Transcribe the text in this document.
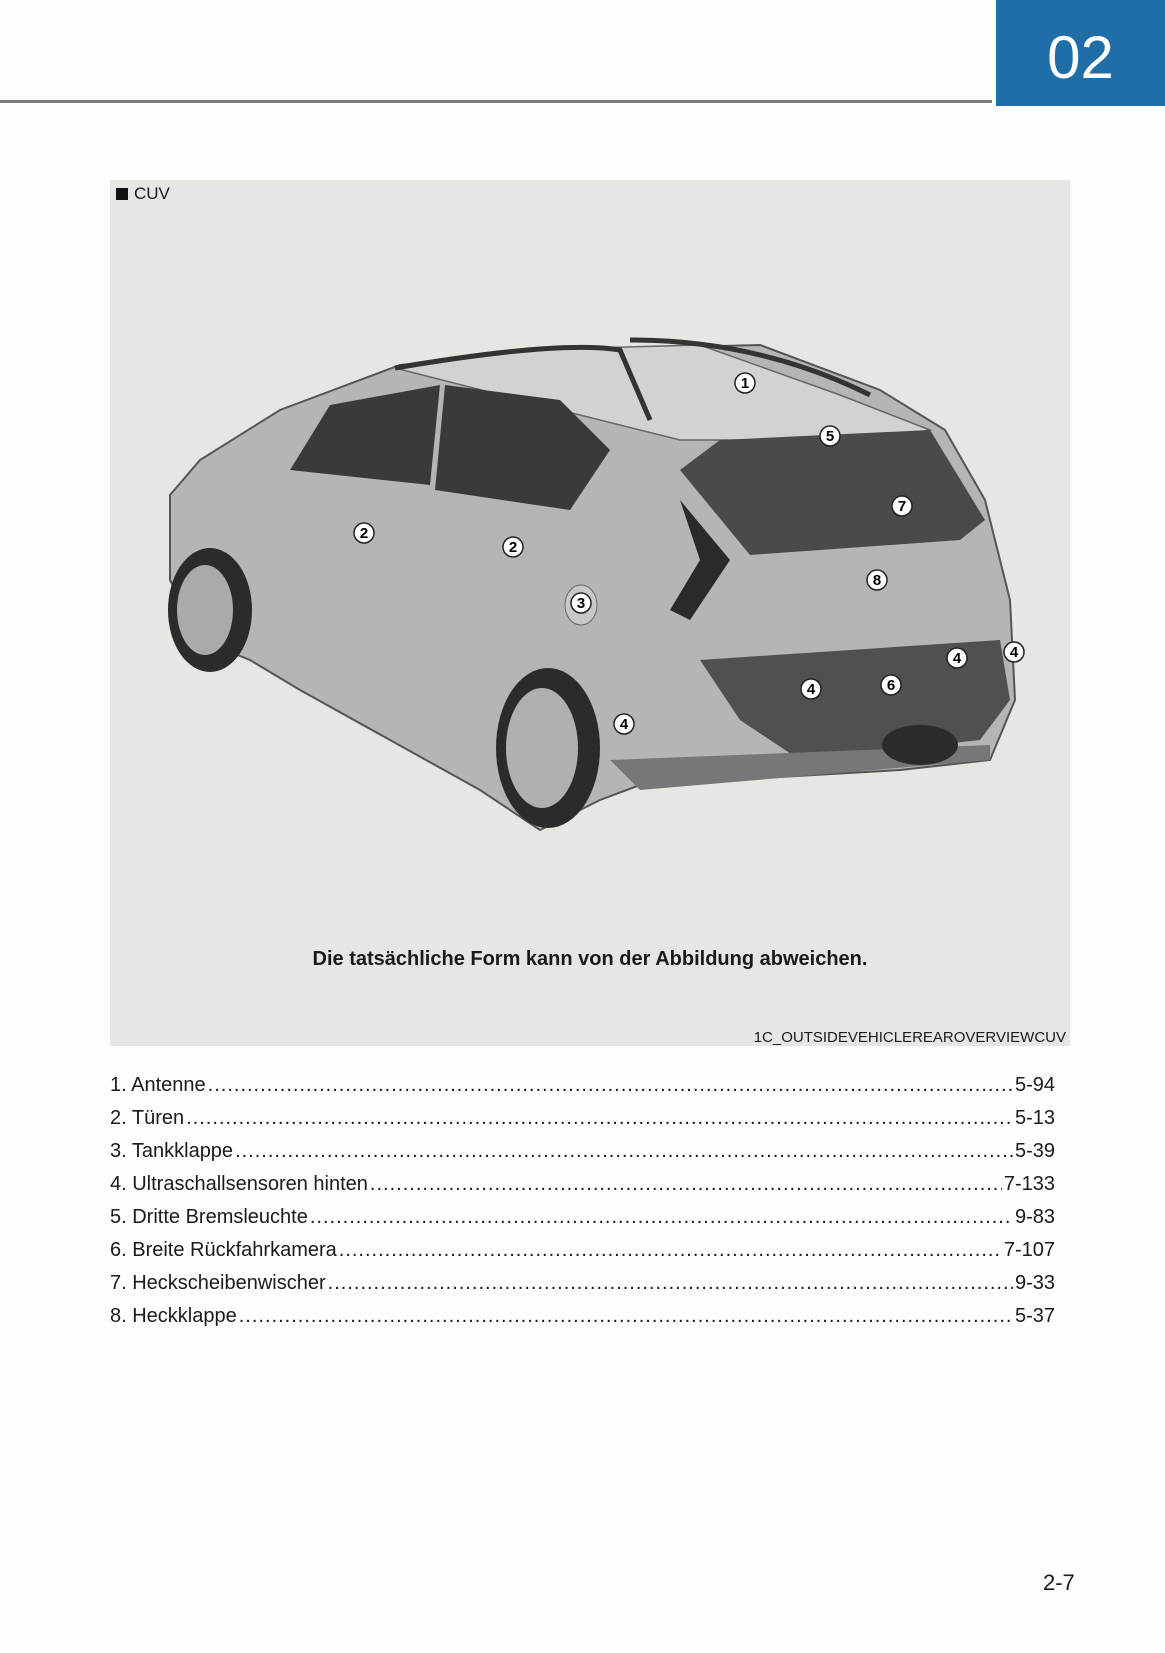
02
CUV
Die tatsächliche Form kann von der Abbildung abweichen.
1C_OUTSIDEVEHICLEREAROVERVIEWCUV
1
5
7
8
2
2
3
4
4	6
4	4
1. Antenne .....	5-94
2. Türen .....	5-13
3. Tankklappe .....	5-39
4. Ultraschallsensoren hinten .....	7-133
5. Dritte Bremsleuchte .....	9-83
6. Breite Rückfahrkamera .....	7-107
7. Heckscheibenwischer .....	9-33
8. Heckklappe .....	5-37
2-7
